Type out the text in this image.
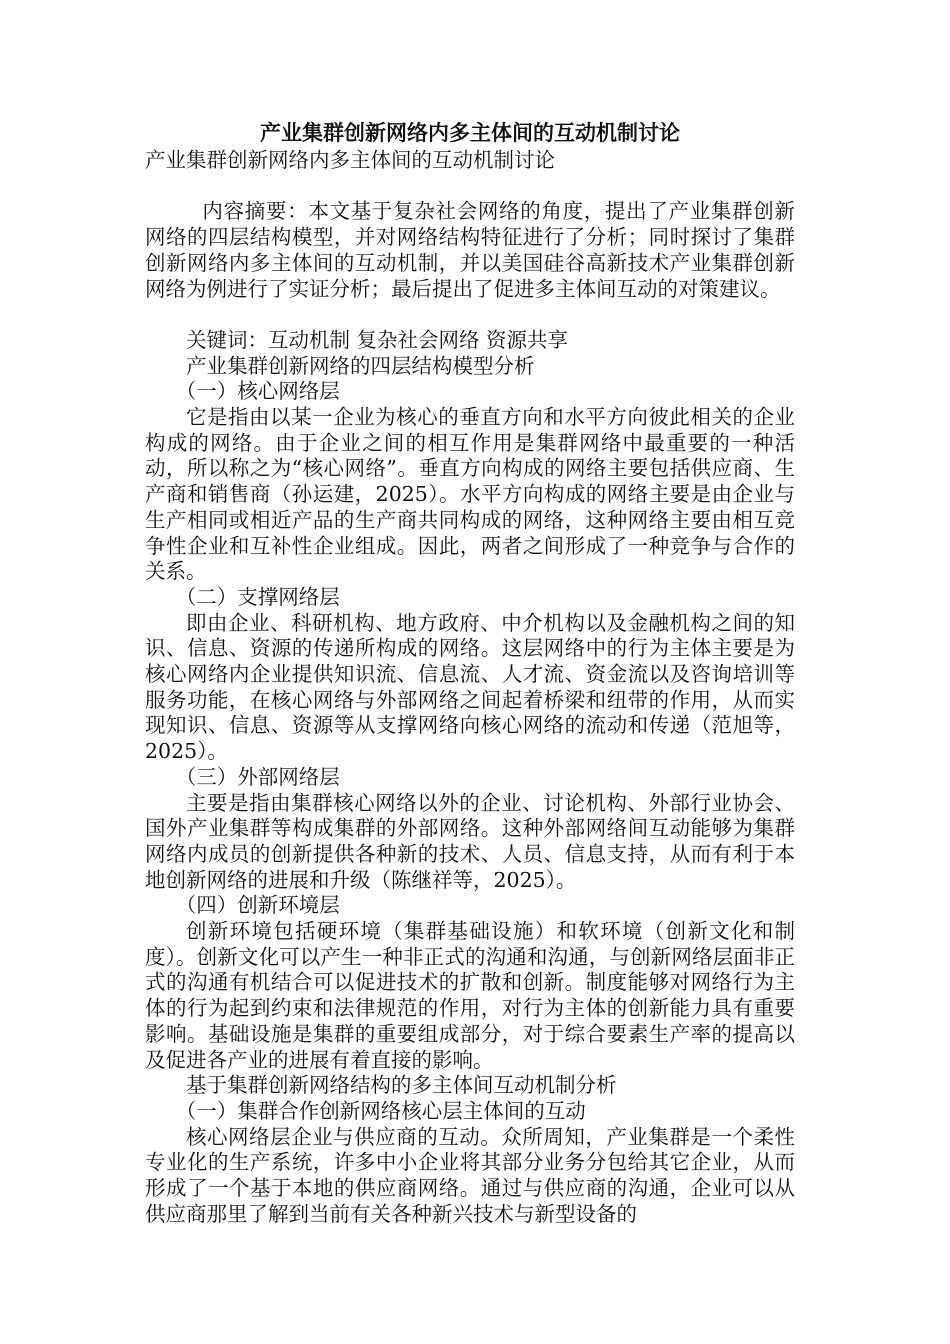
产业集群创新网络内多主体间的互动机制讨论

产业集群创新网络内多主体间的互动机制讨论

内容摘要：本文基于复杂社会网络的角度，提出了产业集群创新网络的四层结构模型，并对网络结构特征进行了分析；同时探讨了集群创新网络内多主体间的互动机制，并以美国硅谷高新技术产业集群创新网络为例进行了实证分析；最后提出了促进多主体间互动的对策建议。

关键词：互动机制 复杂社会网络 资源共享

产业集群创新网络的四层结构模型分析

（一）核心网络层

它是指由以某一企业为核心的垂直方向和水平方向彼此相关的企业构成的网络。由于企业之间的相互作用是集群网络中最重要的一种活动，所以称之为“核心网络”。垂直方向构成的网络主要包括供应商、生产商和销售商（孙运建，2025）。水平方向构成的网络主要是由企业与生产相同或相近产品的生产商共同构成的网络，这种网络主要由相互竞争性企业和互补性企业组成。因此，两者之间形成了一种竞争与合作的关系。

（二）支撑网络层

即由企业、科研机构、地方政府、中介机构以及金融机构之间的知识、信息、资源的传递所构成的网络。这层网络中的行为主体主要是为核心网络内企业提供知识流、信息流、人才流、资金流以及咨询培训等服务功能，在核心网络与外部网络之间起着桥梁和纽带的作用，从而实现知识、信息、资源等从支撑网络向核心网络的流动和传递（范旭等，2025）。

（三）外部网络层

主要是指由集群核心网络以外的企业、讨论机构、外部行业协会、国外产业集群等构成集群的外部网络。这种外部网络间互动能够为集群网络内成员的创新提供各种新的技术、人员、信息支持，从而有利于本地创新网络的进展和升级（陈继祥等，2025）。

（四）创新环境层

创新环境包括硬环境（集群基础设施）和软环境（创新文化和制度）。创新文化可以产生一种非正式的沟通和沟通，与创新网络层面非正式的沟通有机结合可以促进技术的扩散和创新。制度能够对网络行为主体的行为起到约束和法律规范的作用，对行为主体的创新能力具有重要影响。基础设施是集群的重要组成部分，对于综合要素生产率的提高以及促进各产业的进展有着直接的影响。

基于集群创新网络结构的多主体间互动机制分析

（一）集群合作创新网络核心层主体间的互动

核心网络层企业与供应商的互动。众所周知，产业集群是一个柔性专业化的生产系统，许多中小企业将其部分业务分包给其它企业，从而形成了一个基于本地的供应商网络。通过与供应商的沟通，企业可以从供应商那里了解到当前有关各种新兴技术与新型设备的
